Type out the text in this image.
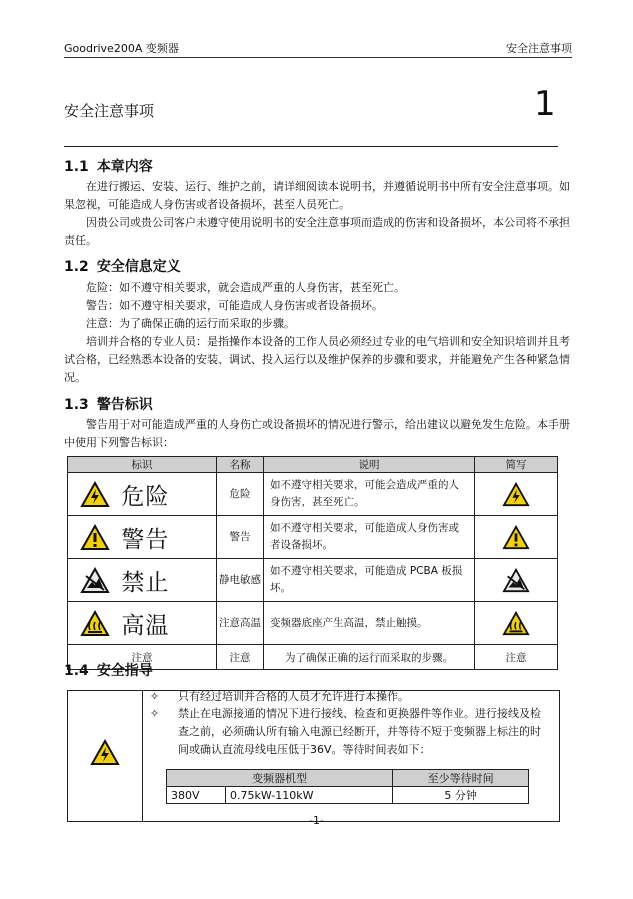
Goodrive200A 变频器	安全注意事项
安全注意事项	1
1.1 本章内容

在进行搬运、安装、运行、维护之前，请详细阅读本说明书，并遵循说明书中所有安全注意事项。如果忽视，可能造成人身伤害或者设备损坏，甚至人员死亡。

因贵公司或贵公司客户未遵守使用说明书的安全注意事项而造成的伤害和设备损坏，本公司将不承担责任。

1.2 安全信息定义

危险：如不遵守相关要求，就会造成严重的人身伤害，甚至死亡。

警告：如不遵守相关要求，可能造成人身伤害或者设备损坏。

注意：为了确保正确的运行而采取的步骤。

培训并合格的专业人员：是指操作本设备的工作人员必须经过专业的电气培训和安全知识培训并且考试合格，已经熟悉本设备的安装、调试、投入运行以及维护保养的步骤和要求，并能避免产生各种紧急情况。

1.3 警告标识

警告用于对可能造成严重的人身伤亡或设备损坏的情况进行警示，给出建议以避免发生危险。本手册中使用下列警告标识：

标识	名称	说明	简写
危险	危险	如不遵守相关要求，可能会造成严重的人身伤害，甚至死亡。	
警告	警告	如不遵守相关要求，可能造成人身伤害或者设备损坏。	
禁止	静电敏感	如不遵守相关要求，可能造成 PCBA 板损坏。	
高温	注意高温	变频器底座产生高温，禁止触摸。	
注意	注意	为了确保正确的运行而采取的步骤。	注意
1.4 安全指导
✧ 只有经过培训并合格的人员才允许进行本操作。
✧ 禁止在电源接通的情况下进行接线、检查和更换器件等作业。进行接线及检查之前，必须确认所有输入电源已经断开，并等待不短于变频器上标注的时间或确认直流母线电压低于36V。等待时间表如下：
变频器机型		至少等待时间
380V	0.75kW-110kW	5 分钟
-1-
